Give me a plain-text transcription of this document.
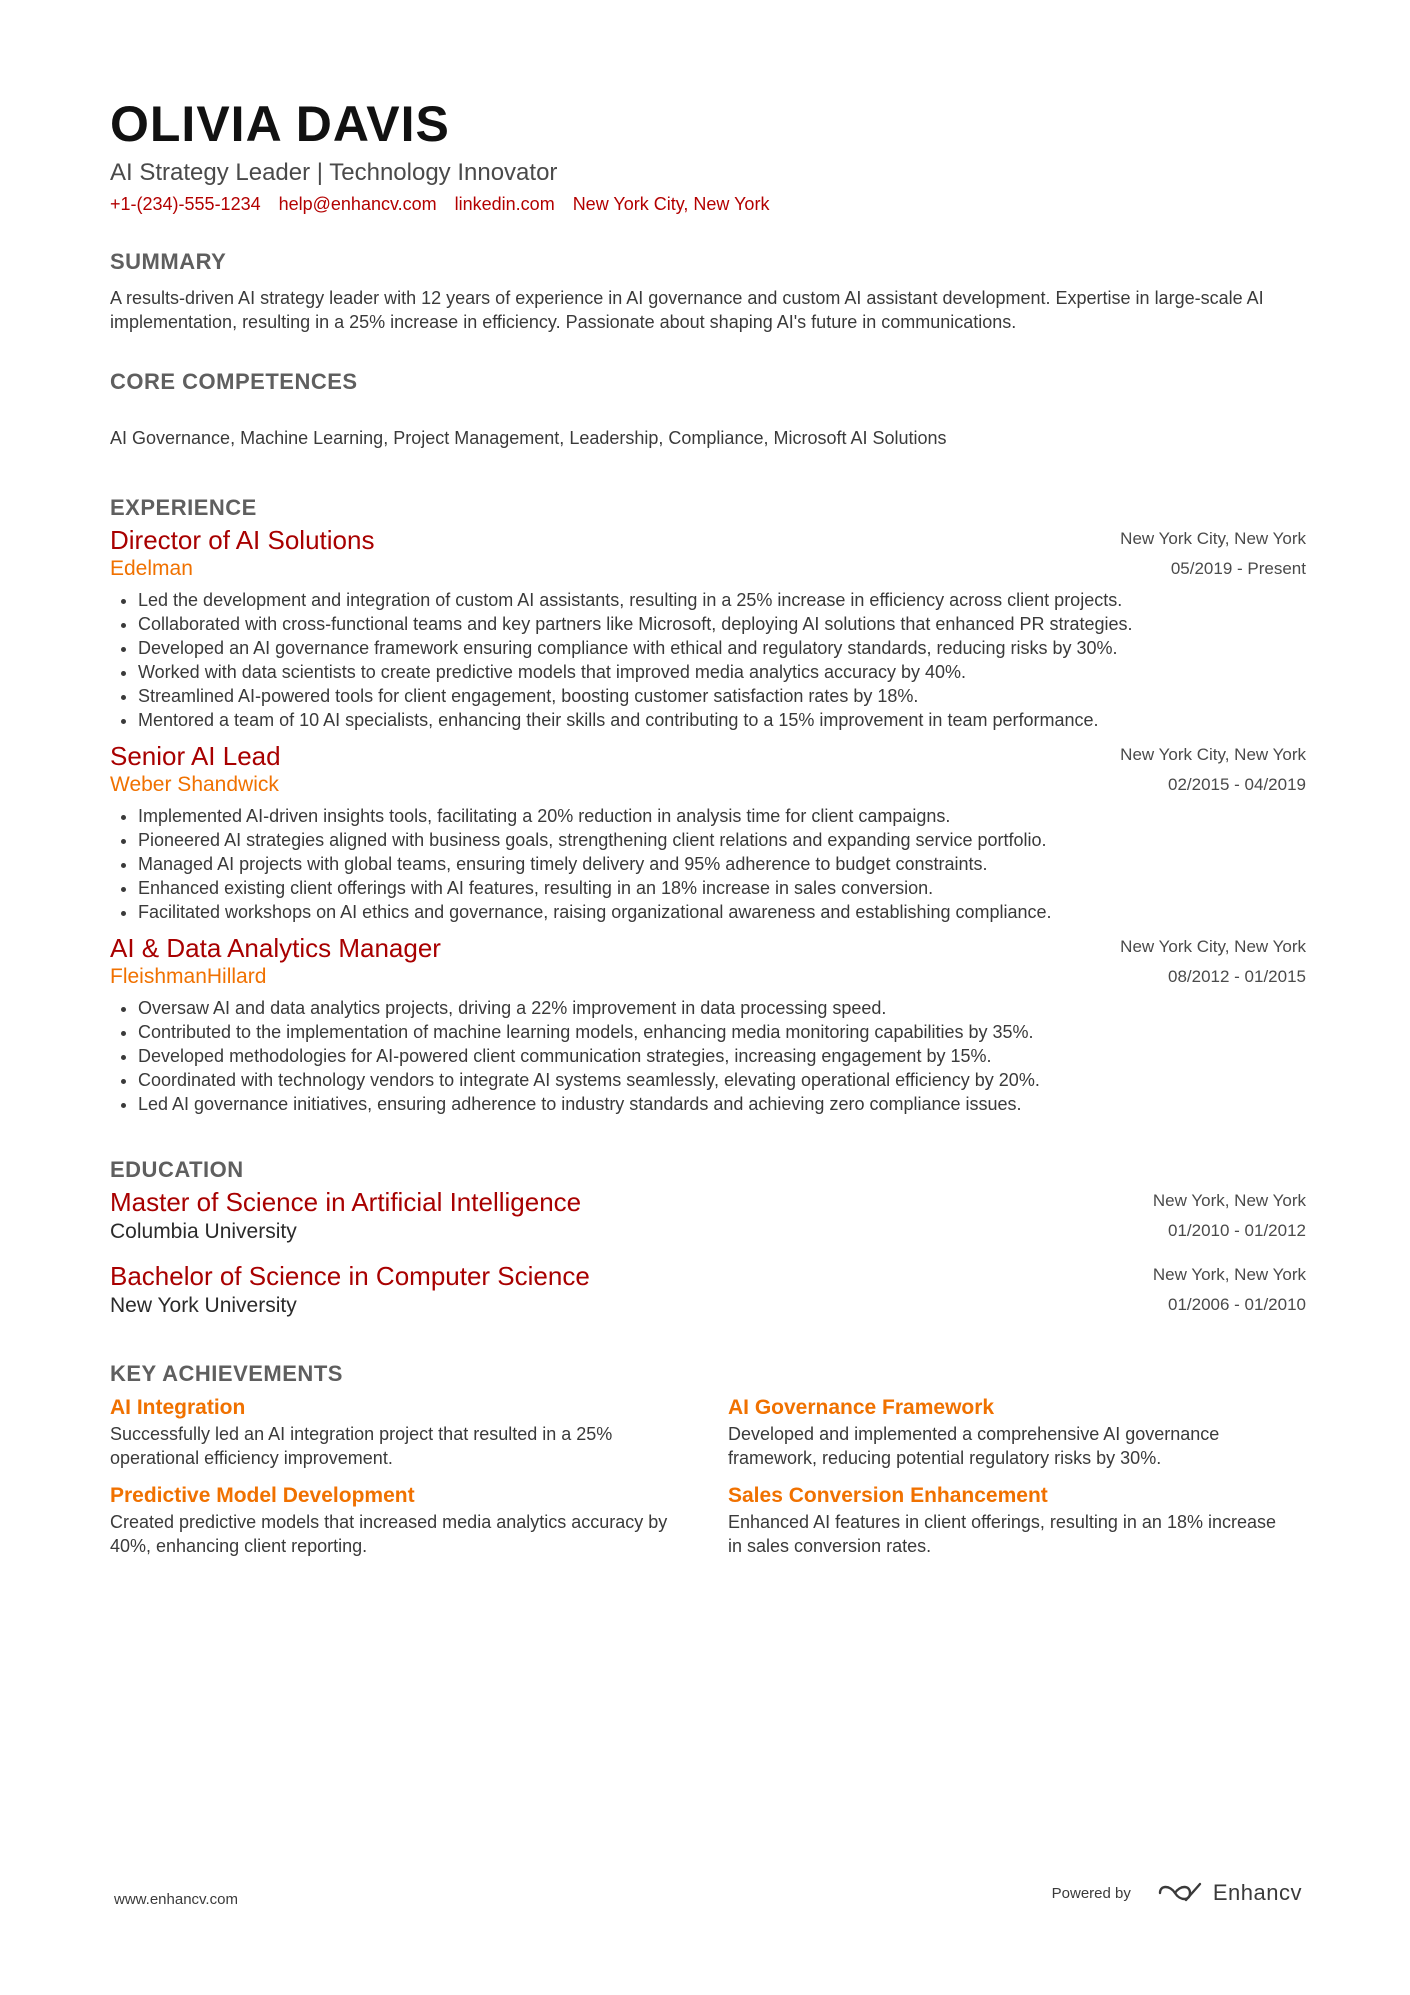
OLIVIA DAVIS
AI Strategy Leader | Technology Innovator
+1-(234)-555-1234 help@enhancv.com linkedin.com New York City, New York
SUMMARY

A results-driven AI strategy leader with 12 years of experience in AI governance and custom AI assistant development. Expertise in large-scale AI implementation, resulting in a 25% increase in efficiency. Passionate about shaping AI's future in communications.

CORE COMPETENCES
AI Governance,
Machine Learning,
Project Management,
Leadership,
Compliance,
Microsoft AI Solutions
EXPERIENCE
Director of AI Solutions
Edelman
New York City, New York
05/2019 - Present
• Led the development and integration of custom AI assistants, resulting in a 25% increase in efficiency across client projects.
• Collaborated with cross-functional teams and key partners like Microsoft, deploying AI solutions that enhanced PR strategies.
• Developed an AI governance framework ensuring compliance with ethical and regulatory standards, reducing risks by 30%.
• Worked with data scientists to create predictive models that improved media analytics accuracy by 40%.
• Streamlined AI-powered tools for client engagement, boosting customer satisfaction rates by 18%.
• Mentored a team of 10 AI specialists, enhancing their skills and contributing to a 15% improvement in team performance.
Senior AI Lead
Weber Shandwick
New York City, New York
02/2015 - 04/2019
• Implemented AI-driven insights tools, facilitating a 20% reduction in analysis time for client campaigns.
• Pioneered AI strategies aligned with business goals, strengthening client relations and expanding service portfolio.
• Managed AI projects with global teams, ensuring timely delivery and 95% adherence to budget constraints.
• Enhanced existing client offerings with AI features, resulting in an 18% increase in sales conversion.
• Facilitated workshops on AI ethics and governance, raising organizational awareness and establishing compliance.
AI & Data Analytics Manager
FleishmanHillard
New York City, New York
08/2012 - 01/2015
• Oversaw AI and data analytics projects, driving a 22% improvement in data processing speed.
• Contributed to the implementation of machine learning models, enhancing media monitoring capabilities by 35%.
• Developed methodologies for AI-powered client communication strategies, increasing engagement by 15%.
• Coordinated with technology vendors to integrate AI systems seamlessly, elevating operational efficiency by 20%.
• Led AI governance initiatives, ensuring adherence to industry standards and achieving zero compliance issues.
EDUCATION
Master of Science in Artificial Intelligence
Columbia University
New York, New York
01/2010 - 01/2012
Bachelor of Science in Computer Science
New York University
New York, New York
01/2006 - 01/2010
KEY ACHIEVEMENTS
AI Integration
Successfully led an AI integration project that resulted in a 25% operational efficiency improvement.
AI Governance Framework
Developed and implemented a comprehensive AI governance framework, reducing potential regulatory risks by 30%.
Predictive Model Development
Created predictive models that increased media analytics accuracy by 40%, enhancing client reporting.
Sales Conversion Enhancement
Enhanced AI features in client offerings, resulting in an 18% increase in sales conversion rates.
www.enhancv.com	Powered by	Enhancv
